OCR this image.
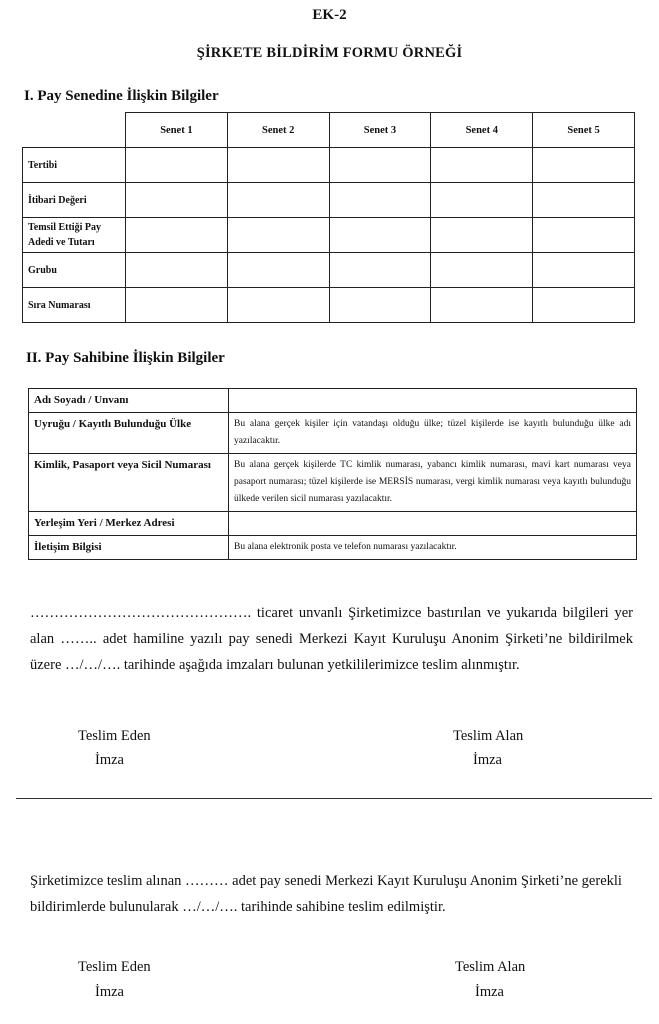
EK-2
ŞİRKETE BİLDİRİM FORMU ÖRNEĞİ
I. Pay Senedine İlişkin Bilgiler
	Senet 1	Senet 2	Senet 3	Senet 4	Senet 5
Tertibi					
İtibari Değeri					
Temsil Ettiği Pay Adedi ve Tutarı					
Grubu					
Sıra Numarası					
II. Pay Sahibine İlişkin Bilgiler
Adı Soyadı / Unvanı	
Uyruğu / Kayıtlı Bulunduğu Ülke	Bu alana gerçek kişiler için vatandaşı olduğu ülke; tüzel kişilerde ise kayıtlı bulunduğu ülke adı yazılacaktır.
Kimlik, Pasaport veya Sicil Numarası	Bu alana gerçek kişilerde TC kimlik numarası, yabancı kimlik numarası, mavi kart numarası veya pasaport numarası; tüzel kişilerde ise MERSİS numarası, vergi kimlik numarası veya kayıtlı bulunduğu ülkede verilen sicil numarası yazılacaktır.
Yerleşim Yeri / Merkez Adresi	
İletişim Bilgisi	Bu alana elektronik posta ve telefon numarası yazılacaktır.
………………………………………. ticaret unvanlı Şirketimizce bastırılan ve yukarıda bilgileri yer alan …….. adet hamiline yazılı pay senedi Merkezi Kayıt Kuruluşu Anonim Şirketi’ne bildirilmek üzere …/…/…. tarihinde aşağıda imzaları bulunan yetkililerimizce teslim alınmıştır.
Teslim Eden
İmza
Teslim Alan
İmza
Şirketimizce teslim alınan ……… adet pay senedi Merkezi Kayıt Kuruluşu Anonim Şirketi’ne gerekli bildirimlerde bulunularak …/…/…. tarihinde sahibine teslim edilmiştir.
Teslim Eden
İmza
Teslim Alan
İmza
